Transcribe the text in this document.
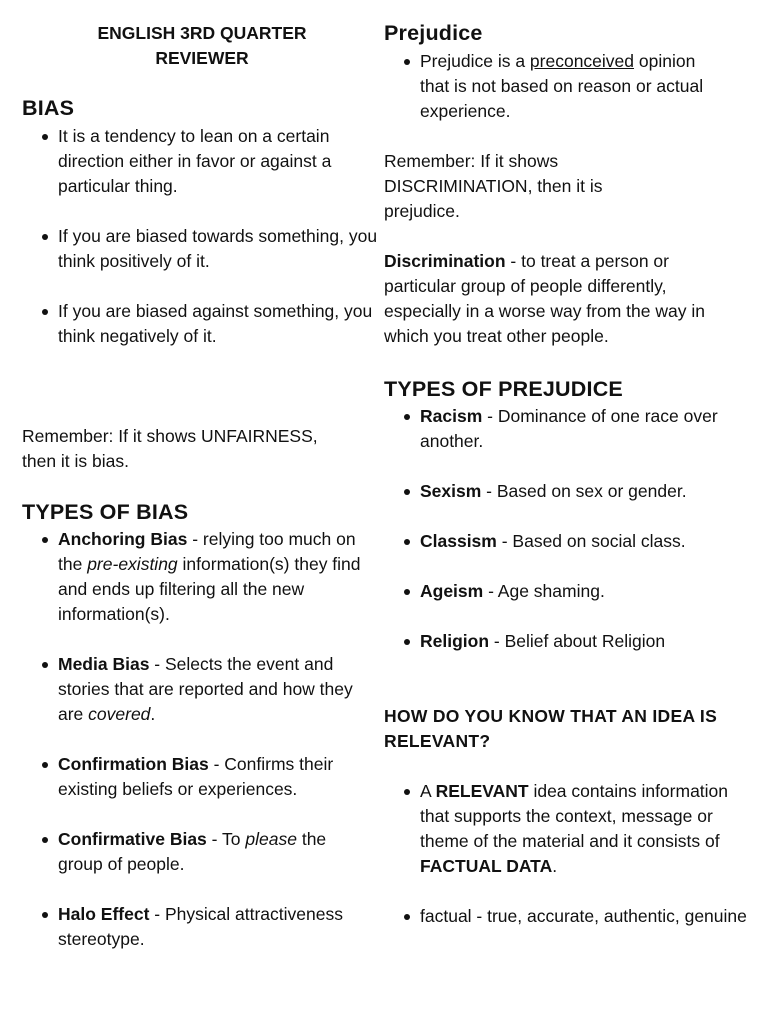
ENGLISH 3RD QUARTER
REVIEWER
BIAS
It is a tendency to lean on a certain direction either in favor or against a particular thing.
If you are biased towards something, you think positively of it.
If you are biased against something, you think negatively of it.

Remember: If it shows UNFAIRNESS, then it is bias.

TYPES OF BIAS
Anchoring Bias - relying too much on the pre-existing information(s) they find and ends up filtering all the new information(s).
Media Bias - Selects the event and stories that are reported and how they are covered.
Confirmation Bias - Confirms their existing beliefs or experiences.
Confirmative Bias - To please the group of people.
Halo Effect - Physical attractiveness stereotype.
Prejudice
Prejudice is a preconceived opinion that is not based on reason or actual experience.

Remember: If it shows DISCRIMINATION, then it is prejudice.

Discrimination - to treat a person or particular group of people differently, especially in a worse way from the way in which you treat other people.

TYPES OF PREJUDICE
Racism - Dominance of one race over another.
Sexism - Based on sex or gender.
Classism - Based on social class.
Ageism - Age shaming.
Religion - Belief about Religion
HOW DO YOU KNOW THAT AN IDEA IS RELEVANT?
A RELEVANT idea contains information that supports the context, message or theme of the material and it consists of FACTUAL DATA.
factual - true, accurate, authentic, genuine
